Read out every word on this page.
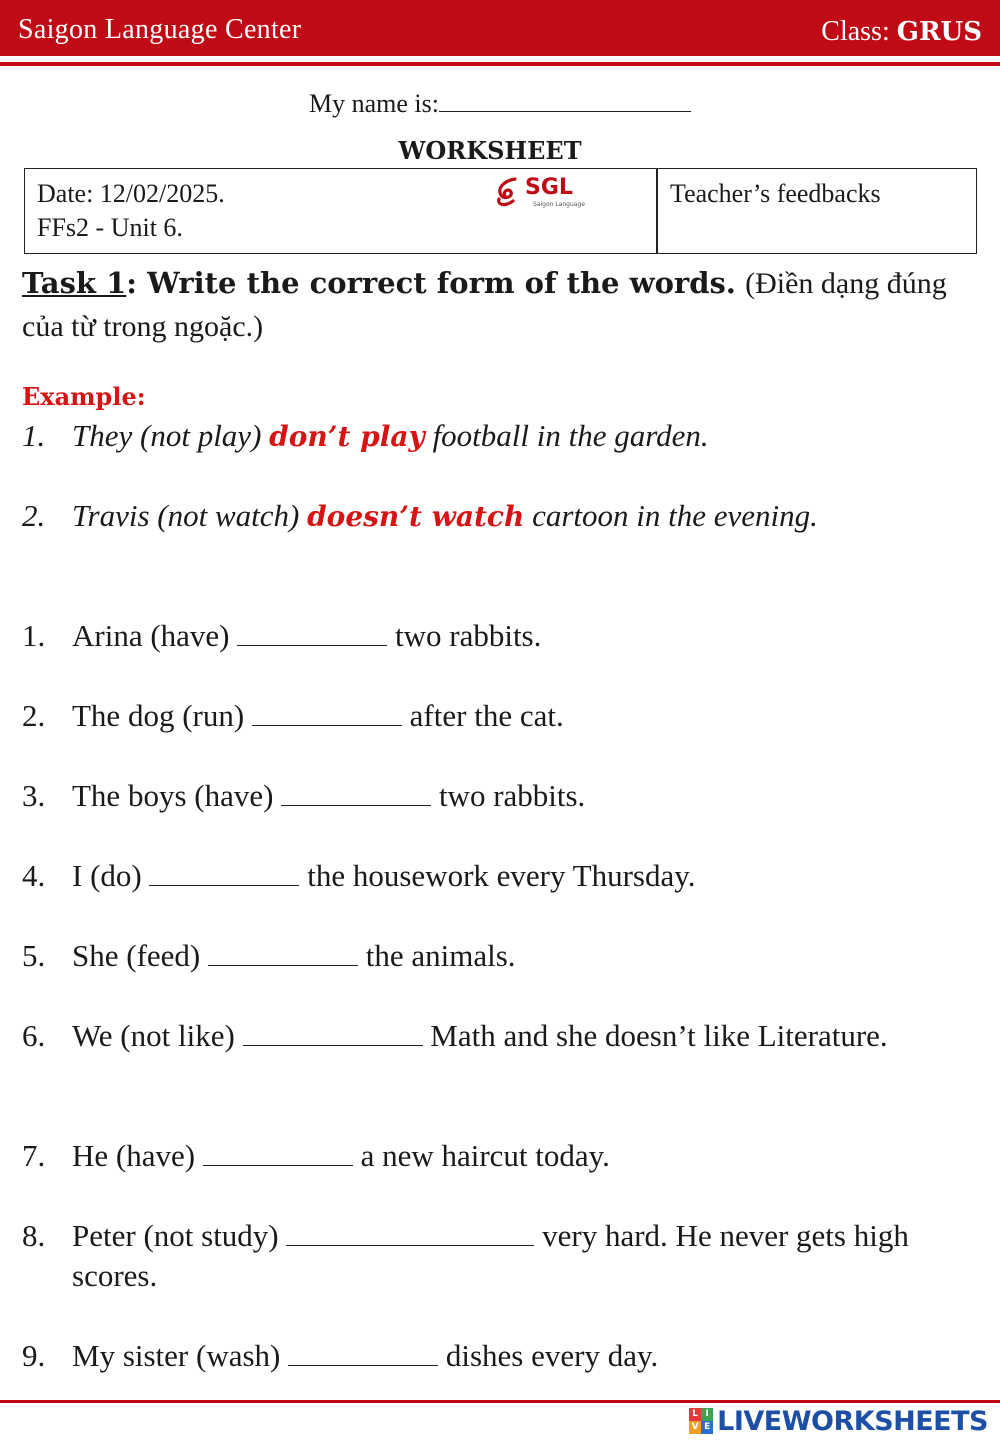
Saigon Language Center	Class: GRUS
My name is:
WORKSHEET
Date: 12/02/2025.
FFs2 - Unit 6.
SGL
Saigon Language	Teacher’s feedbacks
Task 1: Write the correct form of the words. (Điền dạng đúng của từ trong ngoặc.)
Example:
1. They (not play) don’t play football in the garden.
2. Travis (not watch) doesn’t watch cartoon in the evening.
1. Arina (have)	two rabbits.
2. The dog (run)	after the cat.
3. The boys (have)	two rabbits.
4. I (do)	the housework every Thursday.
5. She (feed)	the animals.
6. We (not like)	Math and she doesn’t like Literature.
7. He (have)	a new haircut today.
8. Peter (not study)	very hard. He never gets high scores.
9. My sister (wash)	dishes every day.
L I
V E LIVEWORKSHEETS
